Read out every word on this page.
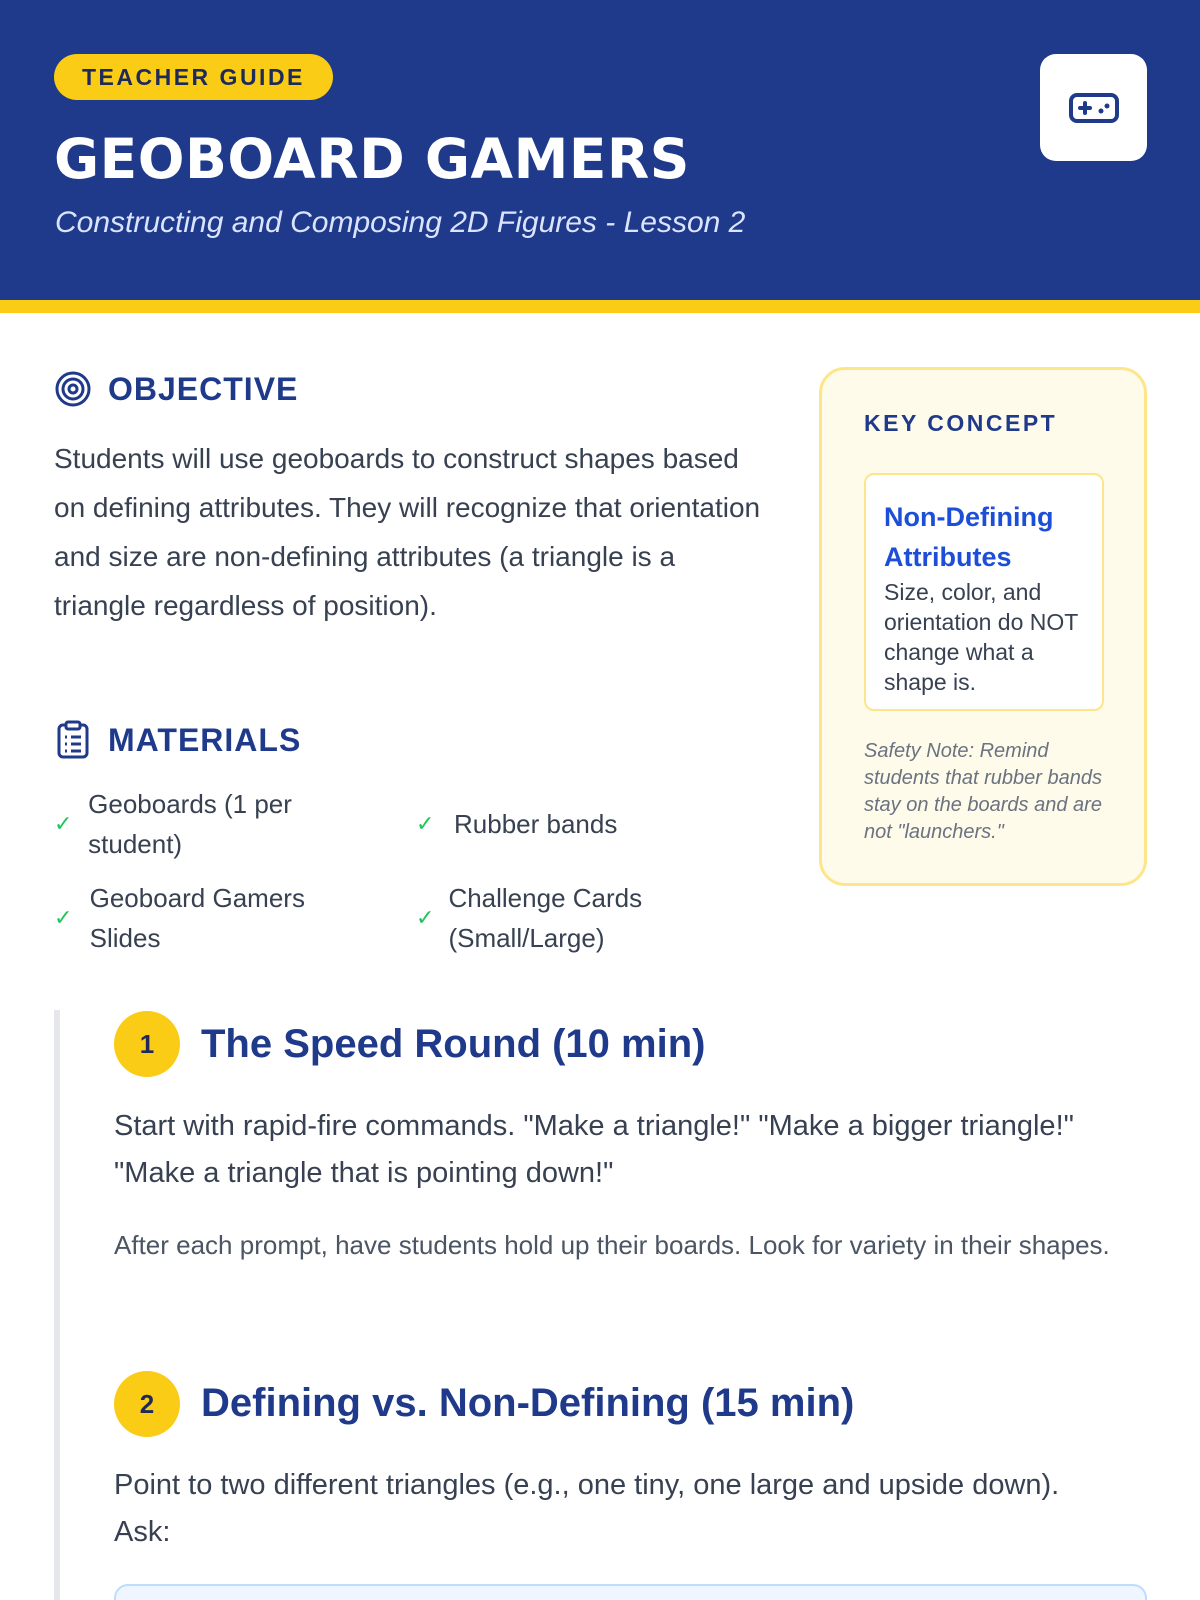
TEACHER GUIDE
GEOBOARD GAMERS
Constructing and Composing 2D Figures - Lesson 2
OBJECTIVE
Students will use geoboards to construct shapes based on defining attributes. They will recognize that orientation and size are non-defining attributes (a triangle is a triangle regardless of position).
MATERIALS
✓
Geoboards (1 per student)
✓ Rubber bands
✓
Geoboard Gamers Slides
✓
Challenge Cards (Small/Large)
KEY CONCEPT
Non-Defining Attributes
Size, color, and orientation do NOT change what a shape is.
Safety Note: Remind students that rubber bands stay on the boards and are not "launchers."
1	The Speed Round (10 min)
Start with rapid-fire commands. "Make a triangle!" "Make a bigger triangle!" "Make a triangle that is pointing down!"
After each prompt, have students hold up their boards. Look for variety in their shapes.
2	Defining vs. Non-Defining (15 min)
Point to two different triangles (e.g., one tiny, one large and upside down). Ask:
